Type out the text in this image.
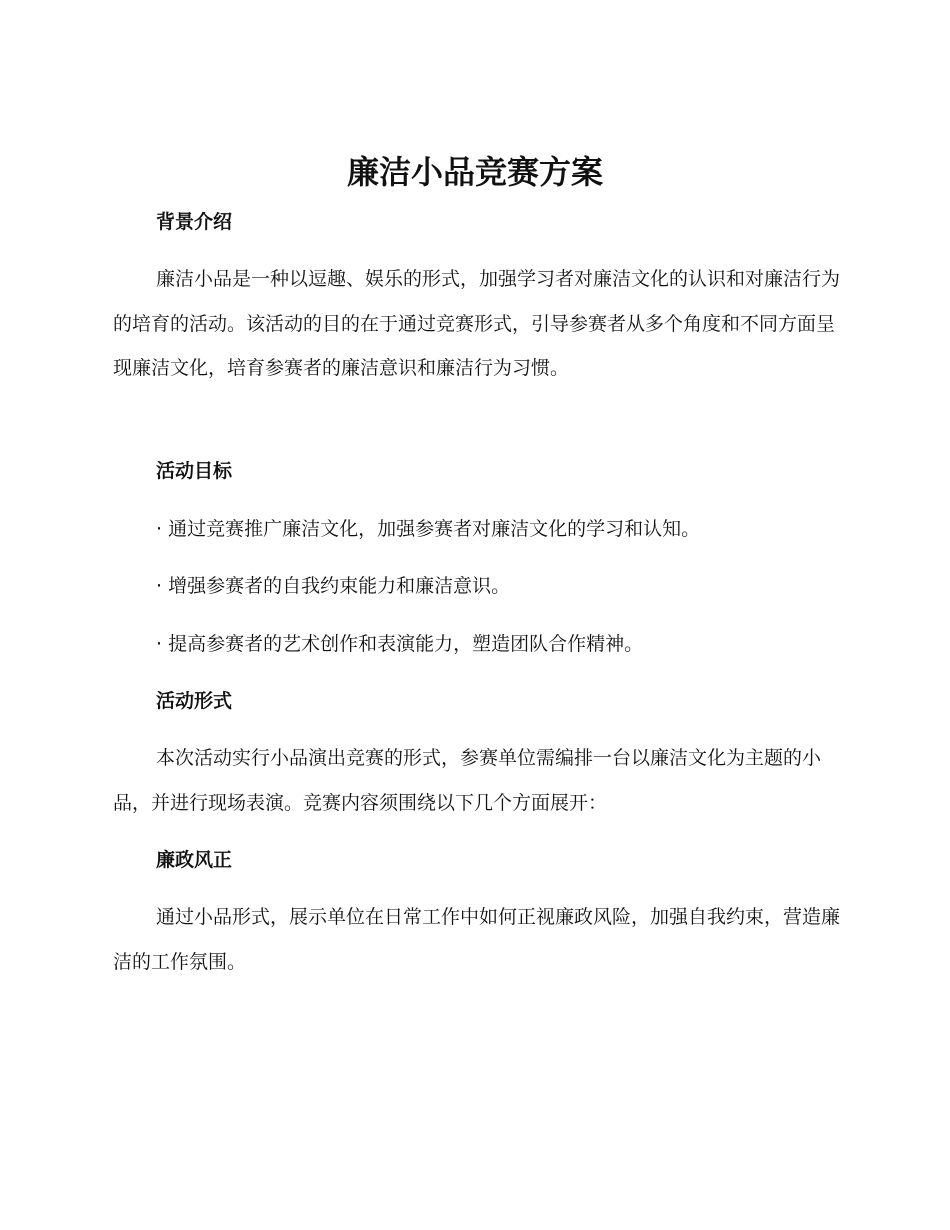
廉洁小品竞赛方案
背景介绍

廉洁小品是一种以逗趣、娱乐的形式，加强学习者对廉洁文化的认识和对廉洁行为的培育的活动。该活动的目的在于通过竞赛形式，引导参赛者从多个角度和不同方面呈现廉洁文化，培育参赛者的廉洁意识和廉洁行为习惯。

活动目标

· 通过竞赛推广廉洁文化，加强参赛者对廉洁文化的学习和认知。

· 增强参赛者的自我约束能力和廉洁意识。

· 提高参赛者的艺术创作和表演能力，塑造团队合作精神。

活动形式

本次活动实行小品演出竞赛的形式，参赛单位需编排一台以廉洁文化为主题的小品，并进行现场表演。竞赛内容须围绕以下几个方面展开：

廉政风正

通过小品形式，展示单位在日常工作中如何正视廉政风险，加强自我约束，营造廉洁的工作氛围。
